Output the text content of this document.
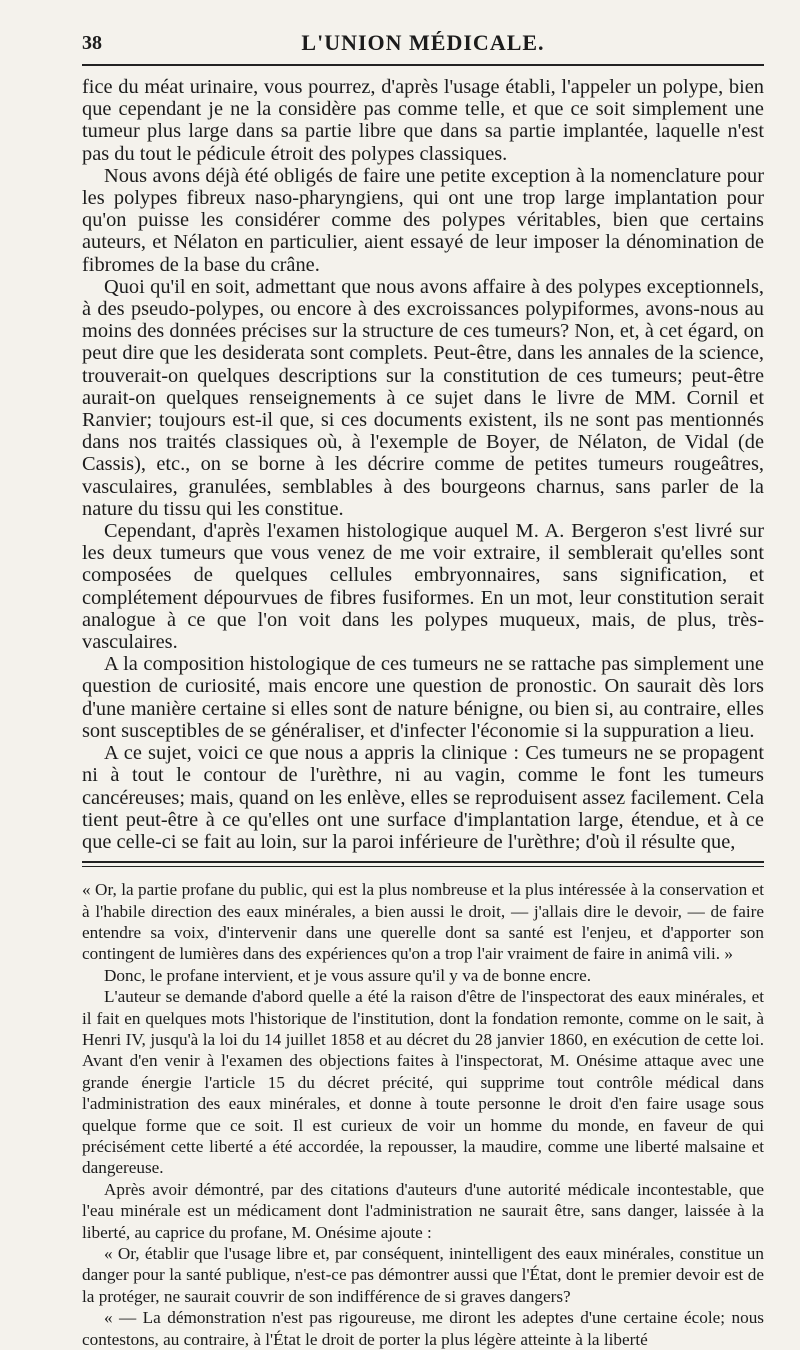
38	L'UNION MÉDICALE.

fice du méat urinaire, vous pourrez, d'après l'usage établi, l'appeler un polype, bien que cependant je ne la considère pas comme telle, et que ce soit simplement une tumeur plus large dans sa partie libre que dans sa partie implantée, laquelle n'est pas du tout le pédicule étroit des polypes classiques.

Nous avons déjà été obligés de faire une petite exception à la nomenclature pour les polypes fibreux naso-pharyngiens, qui ont une trop large implantation pour qu'on puisse les considérer comme des polypes véritables, bien que certains auteurs, et Nélaton en particulier, aient essayé de leur imposer la dénomination de fibromes de la base du crâne.

Quoi qu'il en soit, admettant que nous avons affaire à des polypes exceptionnels, à des pseudo-polypes, ou encore à des excroissances polypiformes, avons-nous au moins des données précises sur la structure de ces tumeurs? Non, et, à cet égard, on peut dire que les desiderata sont complets. Peut-être, dans les annales de la science, trouverait-on quelques descriptions sur la constitution de ces tumeurs; peut-être aurait-on quelques renseignements à ce sujet dans le livre de MM. Cornil et Ranvier; toujours est-il que, si ces documents existent, ils ne sont pas mentionnés dans nos traités classiques où, à l'exemple de Boyer, de Nélaton, de Vidal (de Cassis), etc., on se borne à les décrire comme de petites tumeurs rougeâtres, vasculaires, granulées, semblables à des bourgeons charnus, sans parler de la nature du tissu qui les constitue.

Cependant, d'après l'examen histologique auquel M. A. Bergeron s'est livré sur les deux tumeurs que vous venez de me voir extraire, il semblerait qu'elles sont composées de quelques cellules embryonnaires, sans signification, et complétement dépourvues de fibres fusiformes. En un mot, leur constitution serait analogue à ce que l'on voit dans les polypes muqueux, mais, de plus, très-vasculaires.

A la composition histologique de ces tumeurs ne se rattache pas simplement une question de curiosité, mais encore une question de pronostic. On saurait dès lors d'une manière certaine si elles sont de nature bénigne, ou bien si, au contraire, elles sont susceptibles de se généraliser, et d'infecter l'économie si la suppuration a lieu.

A ce sujet, voici ce que nous a appris la clinique : Ces tumeurs ne se propagent ni à tout le contour de l'urèthre, ni au vagin, comme le font les tumeurs cancéreuses; mais, quand on les enlève, elles se reproduisent assez facilement. Cela tient peut-être à ce qu'elles ont une surface d'implantation large, étendue, et à ce que celle-ci se fait au loin, sur la paroi inférieure de l'urèthre; d'où il résulte que,

« Or, la partie profane du public, qui est la plus nombreuse et la plus intéressée à la conservation et à l'habile direction des eaux minérales, a bien aussi le droit, — j'allais dire le devoir, — de faire entendre sa voix, d'intervenir dans une querelle dont sa santé est l'enjeu, et d'apporter son contingent de lumières dans des expériences qu'on a trop l'air vraiment de faire in animâ vili. »

Donc, le profane intervient, et je vous assure qu'il y va de bonne encre.

L'auteur se demande d'abord quelle a été la raison d'être de l'inspectorat des eaux minérales, et il fait en quelques mots l'historique de l'institution, dont la fondation remonte, comme on le sait, à Henri IV, jusqu'à la loi du 14 juillet 1858 et au décret du 28 janvier 1860, en exécution de cette loi. Avant d'en venir à l'examen des objections faites à l'inspectorat, M. Onésime attaque avec une grande énergie l'article 15 du décret précité, qui supprime tout contrôle médical dans l'administration des eaux minérales, et donne à toute personne le droit d'en faire usage sous quelque forme que ce soit. Il est curieux de voir un homme du monde, en faveur de qui précisément cette liberté a été accordée, la repousser, la maudire, comme une liberté malsaine et dangereuse.

Après avoir démontré, par des citations d'auteurs d'une autorité médicale incontestable, que l'eau minérale est un médicament dont l'administration ne saurait être, sans danger, laissée à la liberté, au caprice du profane, M. Onésime ajoute :

« Or, établir que l'usage libre et, par conséquent, inintelligent des eaux minérales, constitue un danger pour la santé publique, n'est-ce pas démontrer aussi que l'État, dont le premier devoir est de la protéger, ne saurait couvrir de son indifférence de si graves dangers?

« — La démonstration n'est pas rigoureuse, me diront les adeptes d'une certaine école; nous contestons, au contraire, à l'État le droit de porter la plus légère atteinte à la liberté
